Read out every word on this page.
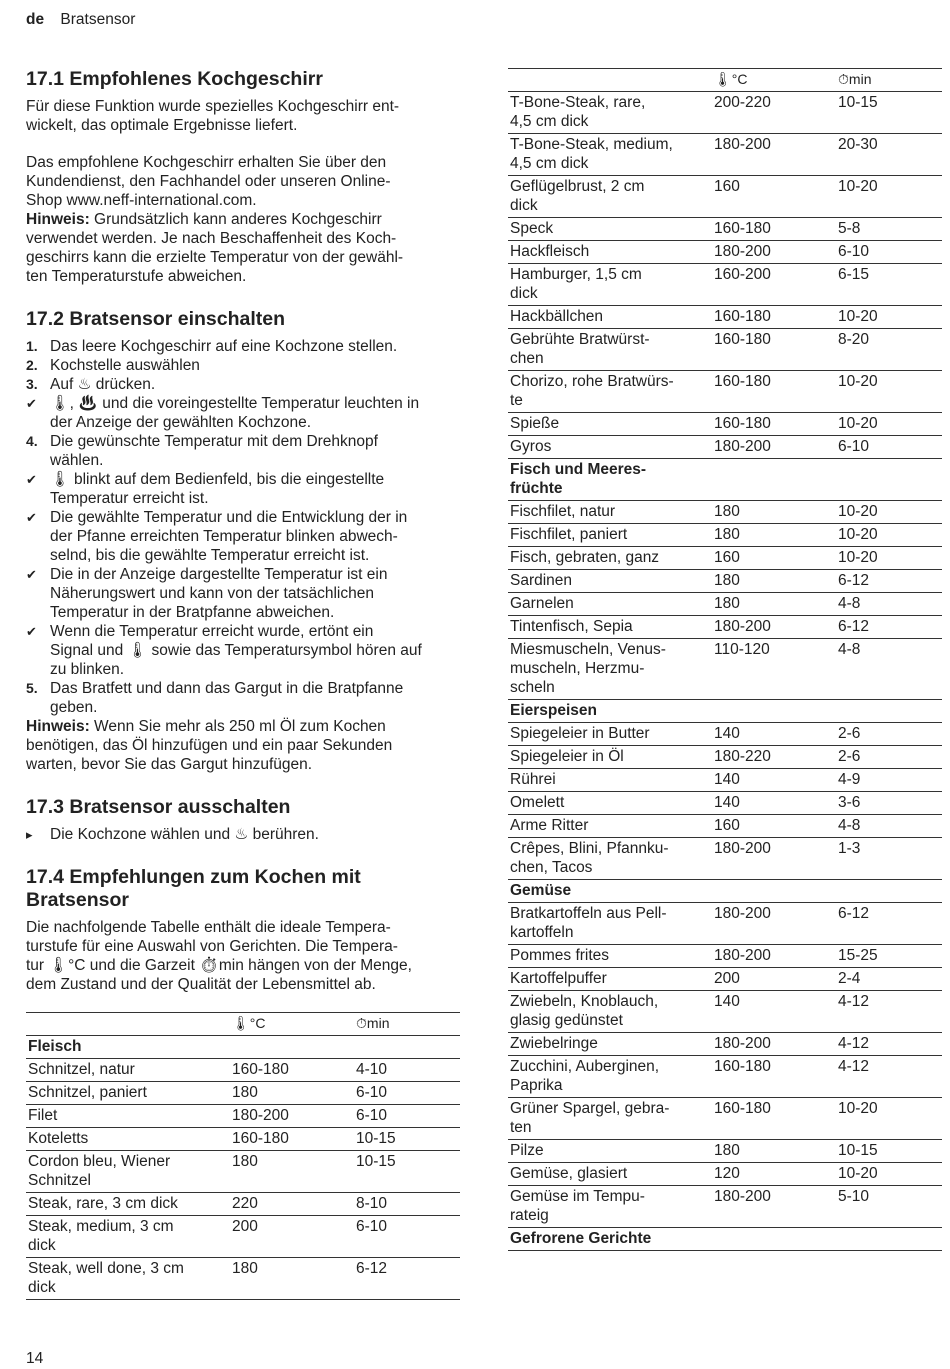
de Bratsensor
17.1 Empfohlenes Kochgeschirr

Für diese Funktion wurde spezielles Kochgeschirr ent-

wickelt, das optimale Ergebnisse liefert.

Das empfohlene Kochgeschirr erhalten Sie über den

Kundendienst, den Fachhandel oder unseren Online-

Shop www.neff-international.com.

Hinweis: Grundsätzlich kann anderes Kochgeschirr

verwendet werden. Je nach Beschaffenheit des Koch-

geschirrs kann die erzielte Temperatur von der gewähl-

ten Temperaturstufe abweichen.

17.2 Bratsensor einschalten
1. Das leere Kochgeschirr auf eine Kochzone stellen.
2. Kochstelle auswählen
3. Auf ♨ drücken.
✔ 🌡, ♨ und die voreingestellte Temperatur leuchten in
der Anzeige der gewählten Kochzone.
4. Die gewünschte Temperatur mit dem Drehknopf
wählen.
✔ 🌡 blinkt auf dem Bedienfeld, bis die eingestellte
Temperatur erreicht ist.
✔ Die gewählte Temperatur und die Entwicklung der in
der Pfanne erreichten Temperatur blinken abwech-
selnd, bis die gewählte Temperatur erreicht ist.
✔ Die in der Anzeige dargestellte Temperatur ist ein
Näherungswert und kann von der tatsächlichen
Temperatur in der Bratpfanne abweichen.
✔ Wenn die Temperatur erreicht wurde, ertönt ein
Signal und 🌡 sowie das Temperatursymbol hören auf
zu blinken.
5. Das Bratfett und dann das Gargut in die Bratpfanne
geben.

Hinweis: Wenn Sie mehr als 250 ml Öl zum Kochen

benötigen, das Öl hinzufügen und ein paar Sekunden

warten, bevor Sie das Gargut hinzufügen.

17.3 Bratsensor ausschalten
▸ Die Kochzone wählen und ♨ berühren.
17.4 Empfehlungen zum Kochen mit
Bratsensor

Die nachfolgende Tabelle enthält die ideale Tempera-

turstufe für eine Auswahl von Gerichten. Die Tempera-

tur 🌡°C und die Garzeit ⏱min hängen von der Menge,

dem Zustand und der Qualität der Lebensmittel ab.

	🌡°C	⏱min

Fleisch		

Schnitzel, natur	160-180	4-10

Schnitzel, paniert	180	6-10

Filet	180-200	6-10

Koteletts	160-180	10-15

Cordon bleu, Wiener
Schnitzel	180	10-15

Steak, rare, 3 cm dick	220	8-10

Steak, medium, 3 cm
dick	200	6-10

Steak, well done, 3 cm
dick	180	6-12
	🌡°C	⏱min

T-Bone-Steak, rare,
4,5 cm dick	200-220	10-15

T-Bone-Steak, medium,
4,5 cm dick	180-200	20-30

Geflügelbrust, 2 cm
dick	160	10-20

Speck	160-180	5-8

Hackfleisch	180-200	6-10

Hamburger, 1,5 cm
dick	160-200	6-15

Hackbällchen	160-180	10-20

Gebrühte Bratwürst-
chen	160-180	8-20

Chorizo, rohe Bratwürs-
te	160-180	10-20

Spieße	160-180	10-20

Gyros	180-200	6-10

Fisch und Meeres-
früchte		

Fischfilet, natur	180	10-20

Fischfilet, paniert	180	10-20

Fisch, gebraten, ganz	160	10-20

Sardinen	180	6-12

Garnelen	180	4-8

Tintenfisch, Sepia	180-200	6-12

Miesmuscheln, Venus-
muscheln, Herzmu-
scheln	110-120	4-8

Eierspeisen		

Spiegeleier in Butter	140	2-6

Spiegeleier in Öl	180-220	2-6

Rührei	140	4-9

Omelett	140	3-6

Arme Ritter	160	4-8

Crêpes, Blini, Pfannku-
chen, Tacos	180-200	1-3

Gemüse		

Bratkartoffeln aus Pell-
kartoffeln	180-200	6-12

Pommes frites	180-200	15-25

Kartoffelpuffer	200	2-4

Zwiebeln, Knoblauch,
glasig gedünstet	140	4-12

Zwiebelringe	180-200	4-12

Zucchini, Auberginen,
Paprika	160-180	4-12

Grüner Spargel, gebra-
ten	160-180	10-20

Pilze	180	10-15

Gemüse, glasiert	120	10-20

Gemüse im Tempu-
rateig	180-200	5-10

Gefrorene Gerichte		
14
